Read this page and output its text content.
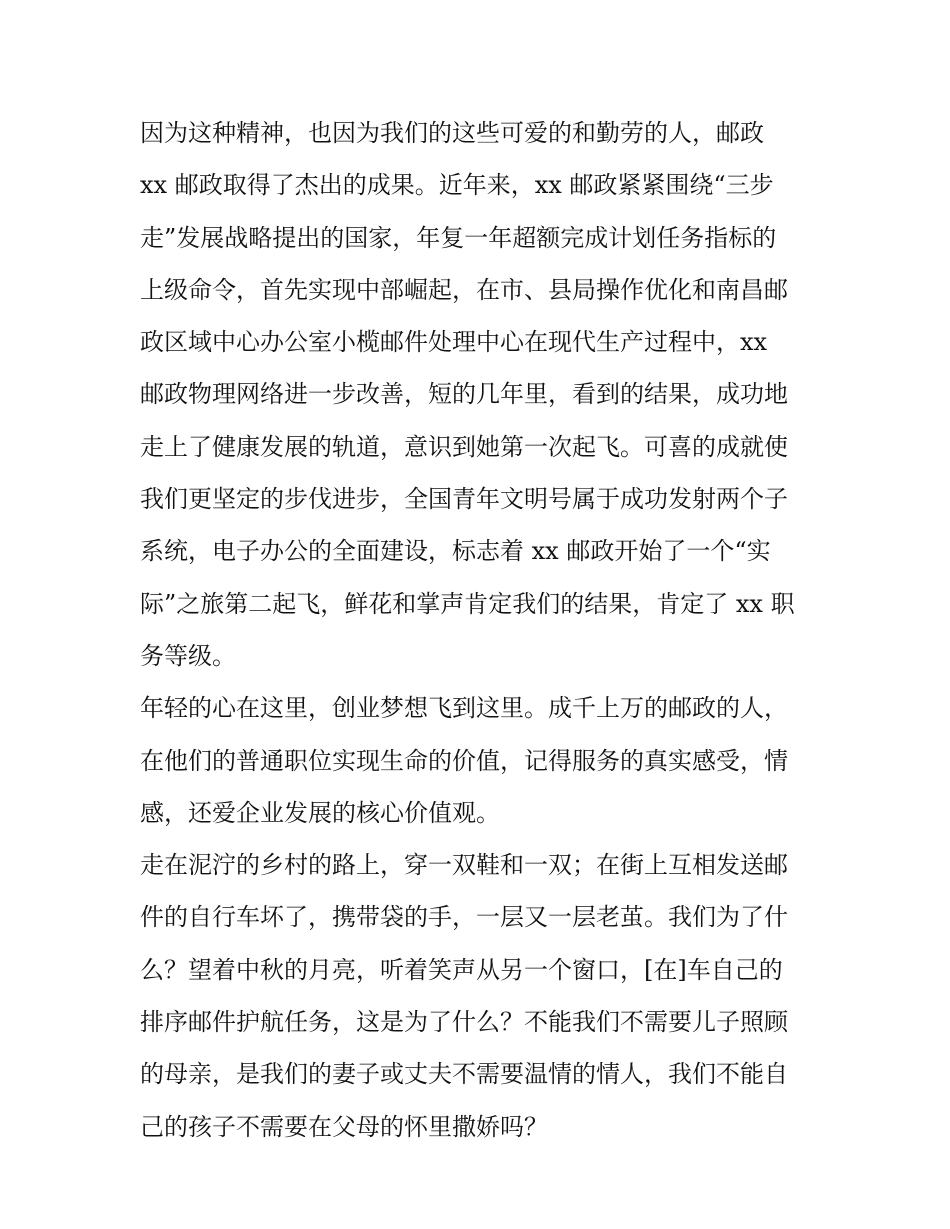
因为这种精神，也因为我们的这些可爱的和勤劳的人，邮政
xx 邮政取得了杰出的成果。近年来，xx 邮政紧紧围绕“三步
走”发展战略提出的国家，年复一年超额完成计划任务指标的
上级命令，首先实现中部崛起，在市、县局操作优化和南昌邮
政区域中心办公室小榄邮件处理中心在现代生产过程中，xx
邮政物理网络进一步改善，短的几年里，看到的结果，成功地
走上了健康发展的轨道，意识到她第一次起飞。可喜的成就使
我们更坚定的步伐进步，全国青年文明号属于成功发射两个子
系统，电子办公的全面建设，标志着 xx 邮政开始了一个“实
际”之旅第二起飞，鲜花和掌声肯定我们的结果，肯定了 xx 职
务等级。
年轻的心在这里，创业梦想飞到这里。成千上万的邮政的人，
在他们的普通职位实现生命的价值，记得服务的真实感受，情
感，还爱企业发展的核心价值观。
走在泥泞的乡村的路上，穿一双鞋和一双；在街上互相发送邮
件的自行车坏了，携带袋的手，一层又一层老茧。我们为了什
么？望着中秋的月亮，听着笑声从另一个窗口，[在]车自己的
排序邮件护航任务，这是为了什么？不能我们不需要儿子照顾
的母亲，是我们的妻子或丈夫不需要温情的情人，我们不能自
己的孩子不需要在父母的怀里撒娇吗？
